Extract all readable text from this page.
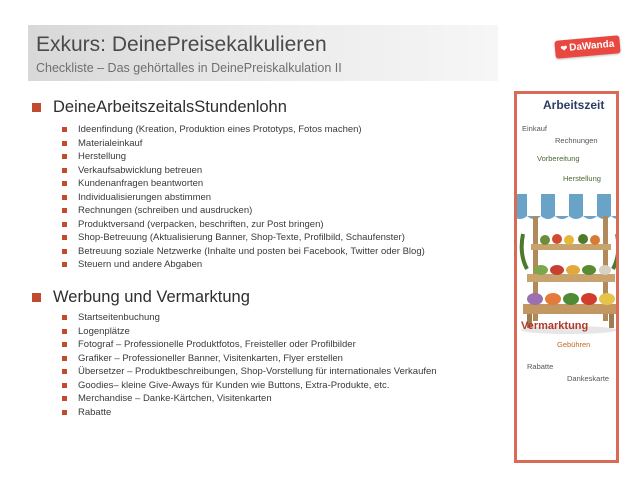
Exkurs: DeinePreisekalkulieren
Checkliste – Das gehörtalles in DeinePreiskalkulation II
❤DaWanda
DeineArbeitszeitalsStundenlohn
Ideenfindung (Kreation, Produktion eines Prototyps, Fotos machen)
Materialeinkauf
Herstellung
Verkaufsabwicklung betreuen
Kundenanfragen beantworten
Individualisierungen abstimmen
Rechnungen (schreiben und ausdrucken)
Produktversand (verpacken, beschriften, zur Post bringen)
Shop-Betreuung (Aktualisierung Banner, Shop-Texte, Profilbild, Schaufenster)
Betreuung soziale Netzwerke (Inhalte und posten bei Facebook, Twitter oder Blog)
Steuern und andere Abgaben
Werbung und Vermarktung
Startseitenbuchung
Logenplätze
Fotograf – Professionelle Produktfotos, Freisteller oder Profilbilder
Grafiker – Professioneller Banner, Visitenkarten, Flyer erstellen
Übersetzer – Produktbeschreibungen, Shop-Vorstellung für internationales Verkaufen
Goodies– kleine Give-Aways für Kunden wie Buttons, Extra-Produkte, etc.
Merchandise – Danke-Kärtchen, Visitenkarten
Rabatte
Arbeitszeit
Einkauf
Rechnungen
Vorbereitung
Herstellung
Vermarktung
Gebühren
Rabatte
Dankeskarte
